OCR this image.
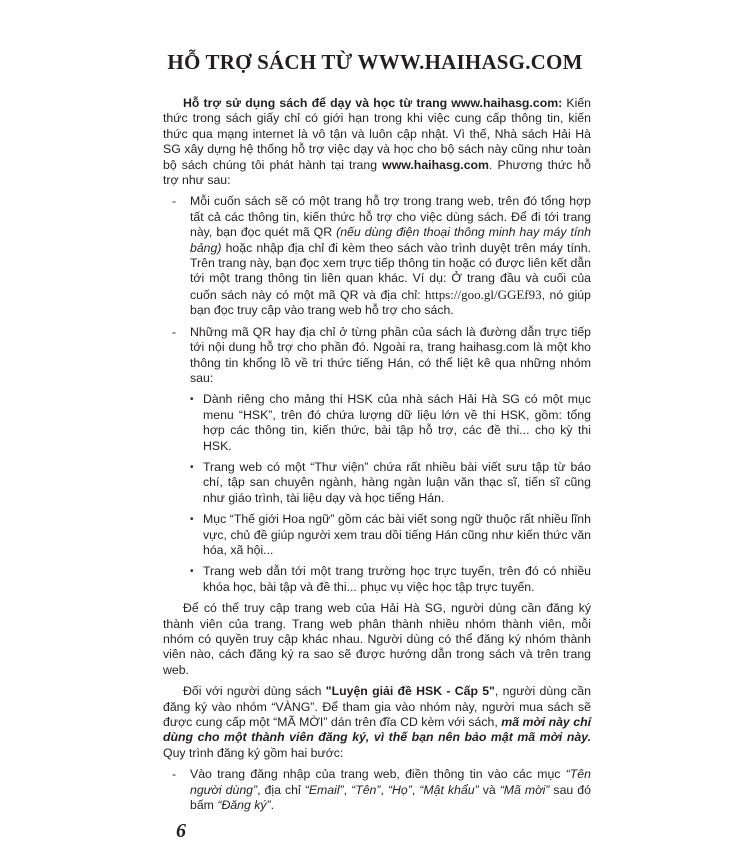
HỖ TRỢ SÁCH TỪ WWW.HAIHASG.COM

Hỗ trợ sử dụng sách để dạy và học từ trang www.haihasg.com: Kiến thức trong sách giấy chỉ có giới hạn trong khi việc cung cấp thông tin, kiến thức qua mạng internet là vô tận và luôn cập nhật. Vì thế, Nhà sách Hải Hà SG xây dựng hệ thống hỗ trợ việc dạy và học cho bộ sách này cũng như toàn bộ sách chúng tôi phát hành tại trang www.haihasg.com. Phương thức hỗ trợ như sau:

- Mỗi cuốn sách sẽ có một trang hỗ trợ trong trang web, trên đó tổng hợp tất cả các thông tin, kiến thức hỗ trợ cho việc dùng sách. Để đi tới trang này, bạn đọc quét mã QR (nếu dùng điện thoại thông minh hay máy tính bảng) hoặc nhập địa chỉ đi kèm theo sách vào trình duyệt trên máy tính. Trên trang này, bạn đọc xem trực tiếp thông tin hoặc có được liên kết dẫn tới một trang thông tin liên quan khác. Ví dụ: Ở trang đầu và cuối của cuốn sách này có một mã QR và địa chỉ: https://goo.gl/GGEf93, nó giúp bạn đọc truy cập vào trang web hỗ trợ cho sách.
- Những mã QR hay địa chỉ ở từng phần của sách là đường dẫn trực tiếp tới nội dung hỗ trợ cho phần đó. Ngoài ra, trang haihasg.com là một kho thông tin khổng lồ về tri thức tiếng Hán, có thể liệt kê qua những nhóm sau:
• Dành riêng cho mảng thi HSK của nhà sách Hải Hà SG có một mục menu “HSK”, trên đó chứa lượng dữ liệu lớn về thi HSK, gồm: tổng hợp các thông tin, kiến thức, bài tập hỗ trợ, các đề thi... cho kỳ thi HSK.
• Trang web có một “Thư viện” chứa rất nhiều bài viết sưu tập từ báo chí, tập san chuyên ngành, hàng ngàn luận văn thạc sĩ, tiến sĩ cũng như giáo trình, tài liệu dạy và học tiếng Hán.
• Mục “Thế giới Hoa ngữ” gồm các bài viết song ngữ thuộc rất nhiều lĩnh vực, chủ đề giúp người xem trau dồi tiếng Hán cũng như kiến thức văn hóa, xã hội...
• Trang web dẫn tới một trang trường học trực tuyến, trên đó có nhiều khóa học, bài tập và đề thi... phục vụ việc học tập trực tuyến.

Để có thể truy cập trang web của Hải Hà SG, người dùng cần đăng ký thành viên của trang. Trang web phân thành nhiều nhóm thành viên, mỗi nhóm có quyền truy cập khác nhau. Người dùng có thể đăng ký nhóm thành viên nào, cách đăng ký ra sao sẽ được hướng dẫn trong sách và trên trang web.

Đối với người dùng sách "Luyện giải đề HSK - Cấp 5", người dùng cần đăng ký vào nhóm “VÀNG”. Để tham gia vào nhóm này, người mua sách sẽ được cung cấp một “MÃ MỜI” dán trên đĩa CD kèm với sách, mã mời này chỉ dùng cho một thành viên đăng ký, vì thế bạn nên bảo mật mã mời này. Quy trình đăng ký gồm hai bước:

- Vào trang đăng nhập của trang web, điền thông tin vào các mục “Tên người dùng”, địa chỉ “Email”, “Tên”, “Họ”, “Mật khẩu” và “Mã mời” sau đó bấm “Đăng ký”.
6
